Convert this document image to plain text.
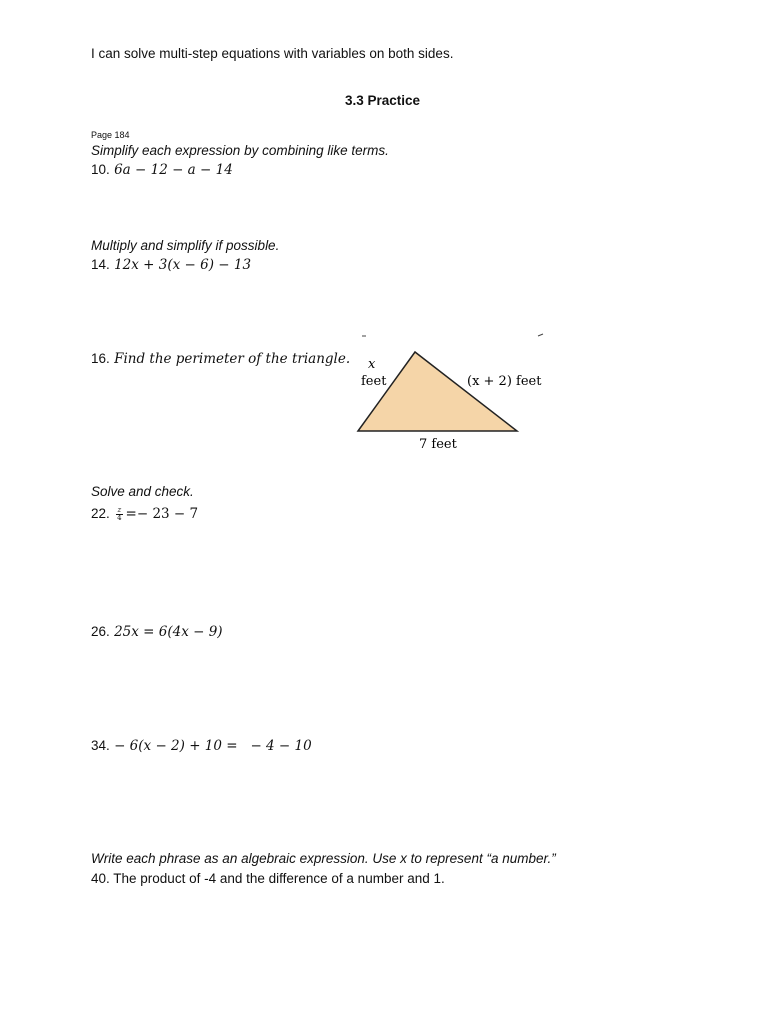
I can solve multi-step equations with variables on both sides.
3.3 Practice
Page 184
Simplify each expression by combining like terms.
10. 6a − 12 − a − 14
Multiply and simplify if possible.
14. 12x + 3(x − 6) − 13
16. Find the perimeter of the triangle. x
feet	(x + 2) feet
7 feet
Solve and check.
22. $\frac{z}{4} =- 23 - 7$
26. 25x = 6(4x − 9)
34. − 6(x − 2) + 10 =   − 4 − 10
Write each phrase as an algebraic expression. Use x to represent “a number.”
40. The product of -4 and the difference of a number and 1.
